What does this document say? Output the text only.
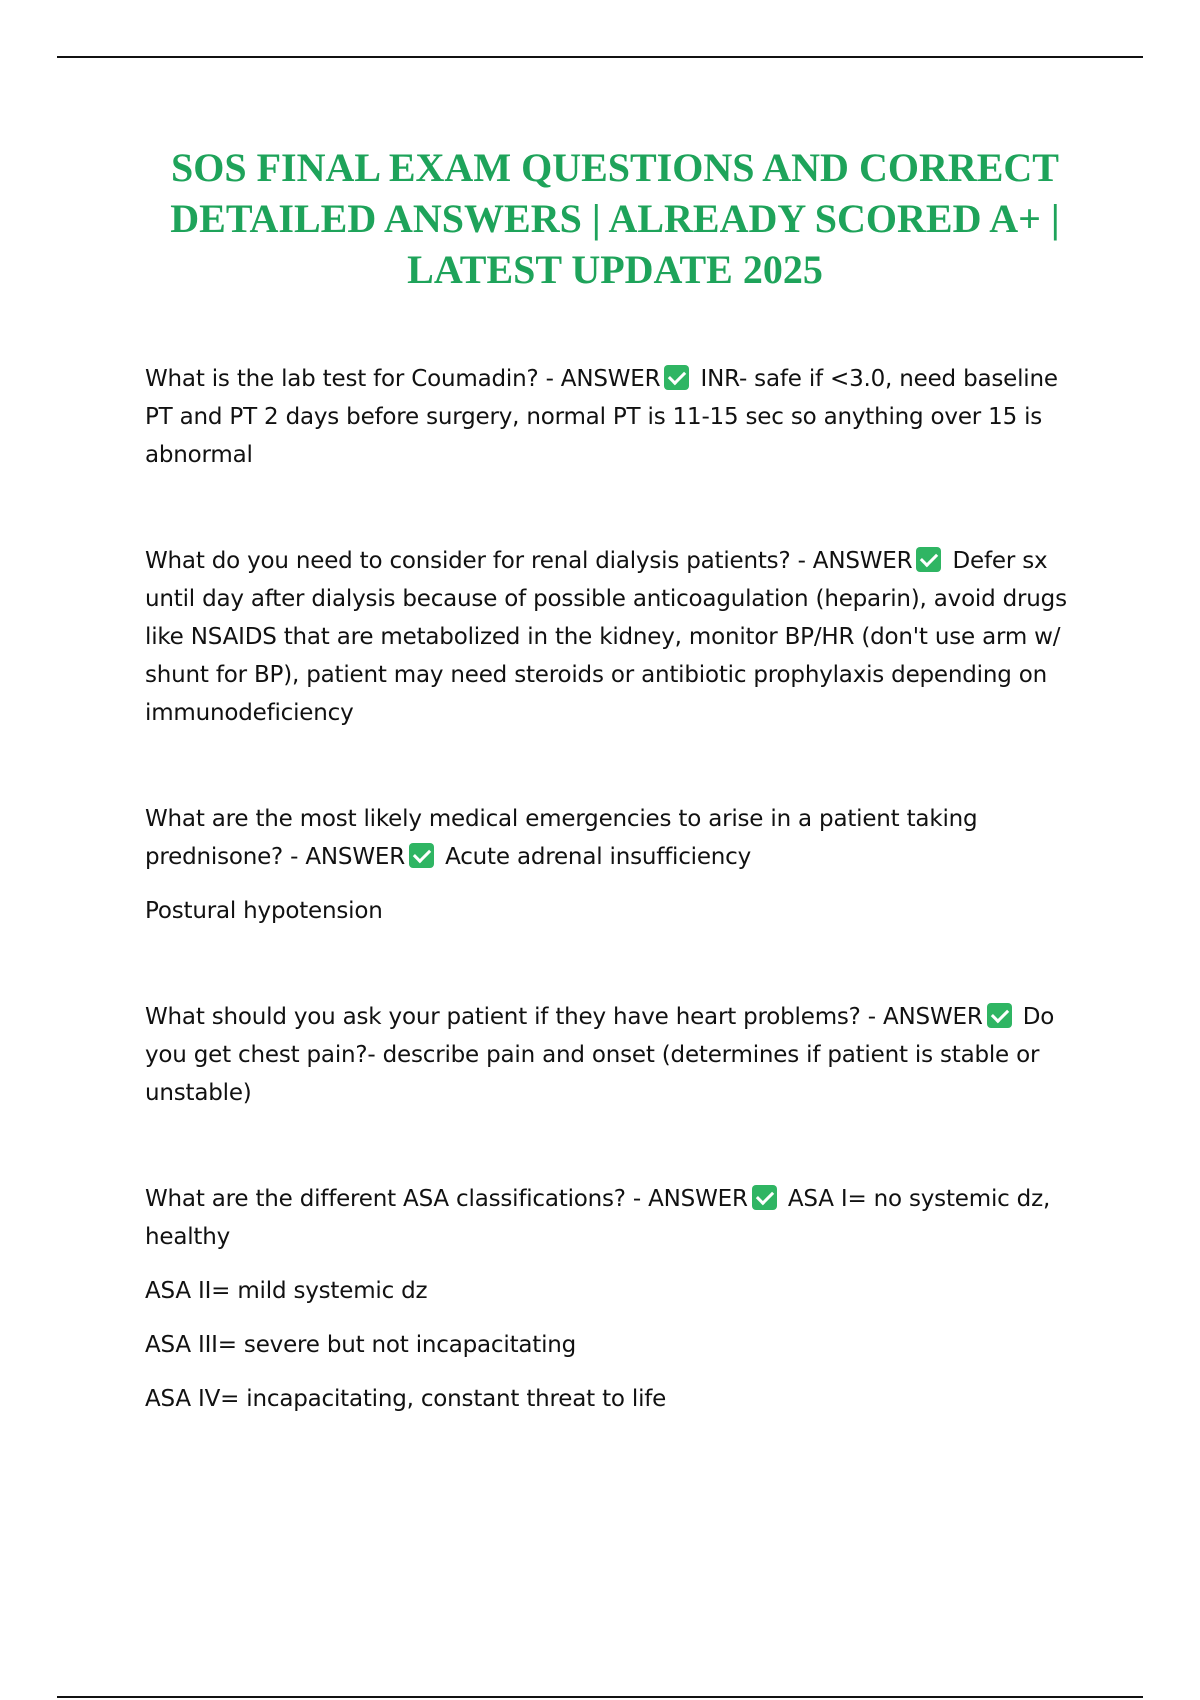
SOS FINAL EXAM QUESTIONS AND CORRECT
DETAILED ANSWERS | ALREADY SCORED A+ |
LATEST UPDATE 2025

What is the lab test for Coumadin? - ANSWER INR- safe if <3.0, need baseline PT and PT 2 days before surgery, normal PT is 11-15 sec so anything over 15 is abnormal

What do you need to consider for renal dialysis patients? - ANSWER Defer sx until day after dialysis because of possible anticoagulation (heparin), avoid drugs like NSAIDS that are metabolized in the kidney, monitor BP/HR (don't use arm w/ shunt for BP), patient may need steroids or antibiotic prophylaxis depending on immunodeficiency

What are the most likely medical emergencies to arise in a patient taking prednisone? - ANSWER Acute adrenal insufficiency

Postural hypotension

What should you ask your patient if they have heart problems? - ANSWER Do you get chest pain?- describe pain and onset (determines if patient is stable or unstable)

What are the different ASA classifications? - ANSWER ASA I= no systemic dz, healthy

ASA II= mild systemic dz

ASA III= severe but not incapacitating

ASA IV= incapacitating, constant threat to life
